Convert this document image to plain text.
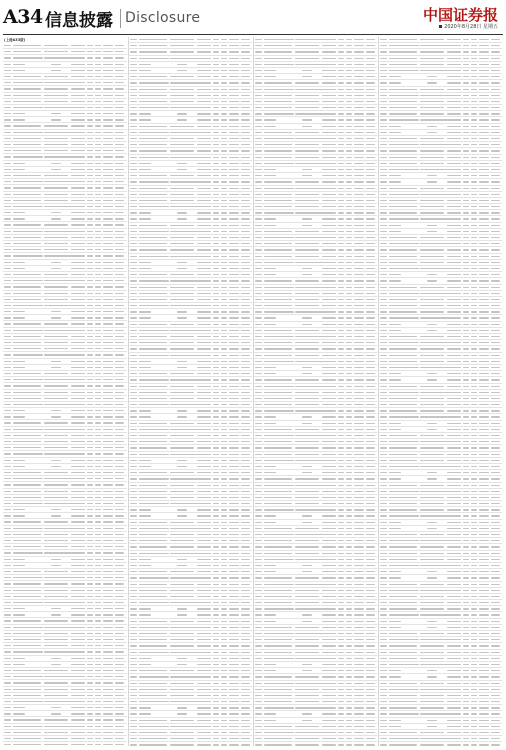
A34 信息披露 Disclosure	中国证券报
2020年8月28日 星期五
(上接A33版)
